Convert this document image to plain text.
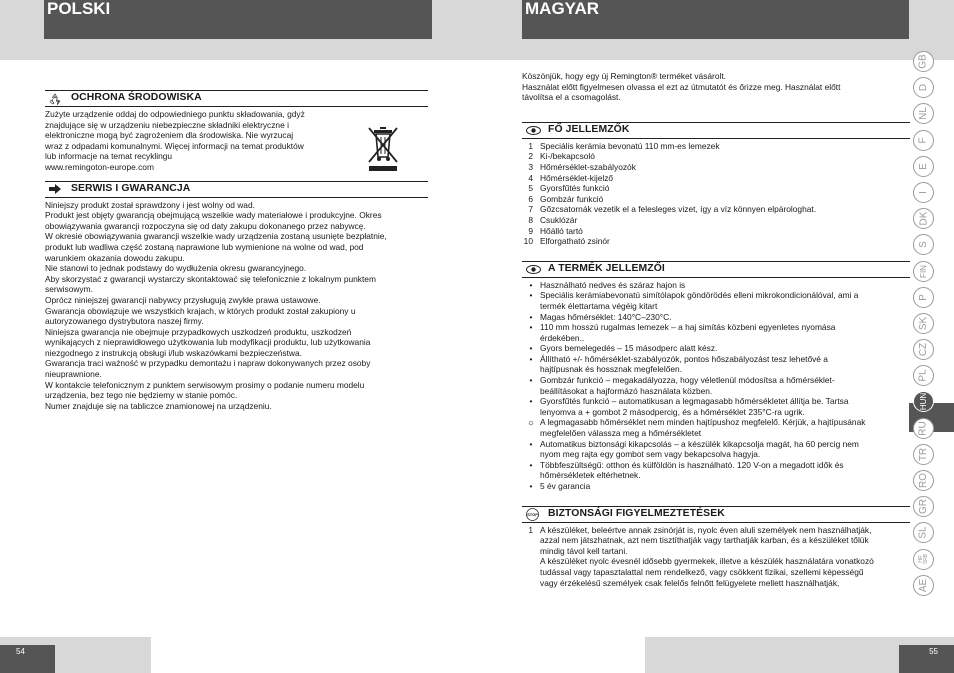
POLSKI	MAGYAR
OCHRONA ŚRODOWISKA
Zużyte urządzenie oddaj do odpowiedniego punktu składowania, gdyż
znajdujące się w urządzeniu niebezpieczne składniki elektryczne i
elektroniczne mogą być zagrożeniem dla środowiska. Nie wyrzucaj
wraz z odpadami komunalnymi. Więcej informacji na temat produktów
lub informacje na temat recyklingu
www.remingoton-europe.com
SERWIS I GWARANCJA
Niniejszy produkt został sprawdzony i jest wolny od wad.
Produkt jest objęty gwarancją obejmującą wszelkie wady materiałowe i produkcyjne. Okres
obowiązywania gwarancji rozpoczyna się od daty zakupu dokonanego przez nabywcę.
W okresie obowiązywania gwarancji wszelkie wady urządzenia zostaną usunięte bezpłatnie,
produkt lub wadliwa część zostaną naprawione lub wymienione na wolne od wad, pod
warunkiem okazania dowodu zakupu.
Nie stanowi to jednak podstawy do wydłużenia okresu gwarancyjnego.
Aby skorzystać z gwarancji wystarczy skontaktować się telefonicznie z lokalnym punktem
serwisowym.
Oprócz niniejszej gwarancji nabywcy przysługują zwykłe prawa ustawowe.
Gwarancja obowiązuje we wszystkich krajach, w których produkt został zakupiony u
autoryzowanego dystrybutora naszej firmy.
Niniejsza gwarancja nie obejmuje przypadkowych uszkodzeń produktu, uszkodzeń
wynikających z nieprawidłowego użytkowania lub modyfikacji produktu, lub użytkowania
niezgodnego z instrukcją obsługi i/lub wskazówkami bezpieczeństwa.
Gwarancja traci ważność w przypadku demontażu i napraw dokonywanych przez osoby
nieuprawnione.
W kontakcie telefonicznym z punktem serwisowym prosimy o podanie numeru modelu
urządzenia, bez tego nie będziemy w stanie pomóc.
Numer znajduje się na tabliczce znamionowej na urządzeniu.
Köszönjük, hogy egy új Remington® terméket vásárolt.
Használat előtt figyelmesen olvassa el ezt az útmutatót és őrizze meg. Használat előtt
távolítsa el a csomagolást.
FŐ JELLEMZŐK
1 Speciális kerámia bevonatú 110 mm-es lemezek
2 Ki-/bekapcsoló
3 Hőmérséklet-szabályozók
4 Hőmérséklet-kijelző
5 Gyorsfűtés funkció
6 Gombzár funkció
7 Gőzcsatornák vezetik el a felesleges vizet, így a víz könnyen elpárologhat.
8 Csuklózár
9 Hőálló tartó
10 Elforgatható zsinór
A TERMÉK JELLEMZŐI
• Használható nedves és száraz hajon is
• Speciális kerámiabevonatú simítólapok göndörödés elleni mikrokondicionálóval, ami a
termék élettartama végéig kitart
• Magas hőmérséklet: 140°C–230°C.
• 110 mm hosszú rugalmas lemezek – a haj simítás közbeni egyenletes nyomása
érdekében..
• Gyors bemelegedés – 15 másodperc alatt kész.
• Állítható +/- hőmérséklet-szabályozók, pontos hőszabályozást tesz lehetővé a
hajtípusnak és hossznak megfelelően.
• Gombzár funkció – megakadályozza, hogy véletlenül módosítsa a hőmérséklet-
beállításokat a hajformázó használata közben.
• Gyorsfűtés funkció – automatikusan a legmagasabb hőmérsékletet állítja be. Tartsa
lenyomva a + gombot 2 másodpercig, és a hőmérséklet 235°C-ra ugrik.
☼ A legmagasabb hőmérséklet nem minden hajtípushoz megfelelő. Kérjük, a hajtípusának
megfelelően válassza meg a hőmérsékletet
• Automatikus biztonsági kikapcsolás – a készülék kikapcsolja magát, ha 60 percig nem
nyom meg rajta egy gombot sem vagy bekapcsolva hagyja.
• Többfeszültségű: otthon és külföldön is használható. 120 V-on a megadott idők és
hőmérsékletek eltérhetnek.
• 5 év garancia
STOP BIZTONSÁGI FIGYELMEZTETÉSEK
1 A készüléket, beleértve annak zsinórját is, nyolc éven aluli személyek nem használhatják,
azzal nem játszhatnak, azt nem tisztíthatják vagy tarthatják karban, és a készüléket tőlük
mindig távol kell tartani.
A készüléket nyolc évesnél idősebb gyermekek, illetve a készülék használatára vonatkozó
tudással vagy tapasztalattal nem rendelkező, vagy csökkent fizikai, szellemi képességű
vagy érzékelésű személyek csak felelős felnőtt felügyelete mellett használhatják,
GB
D
NL
F
E
I
DK
S
FIN
P
SK
CZ
PL
HUN
RU
TR
RO
GR
SL
HR SRB
AE
54	55
